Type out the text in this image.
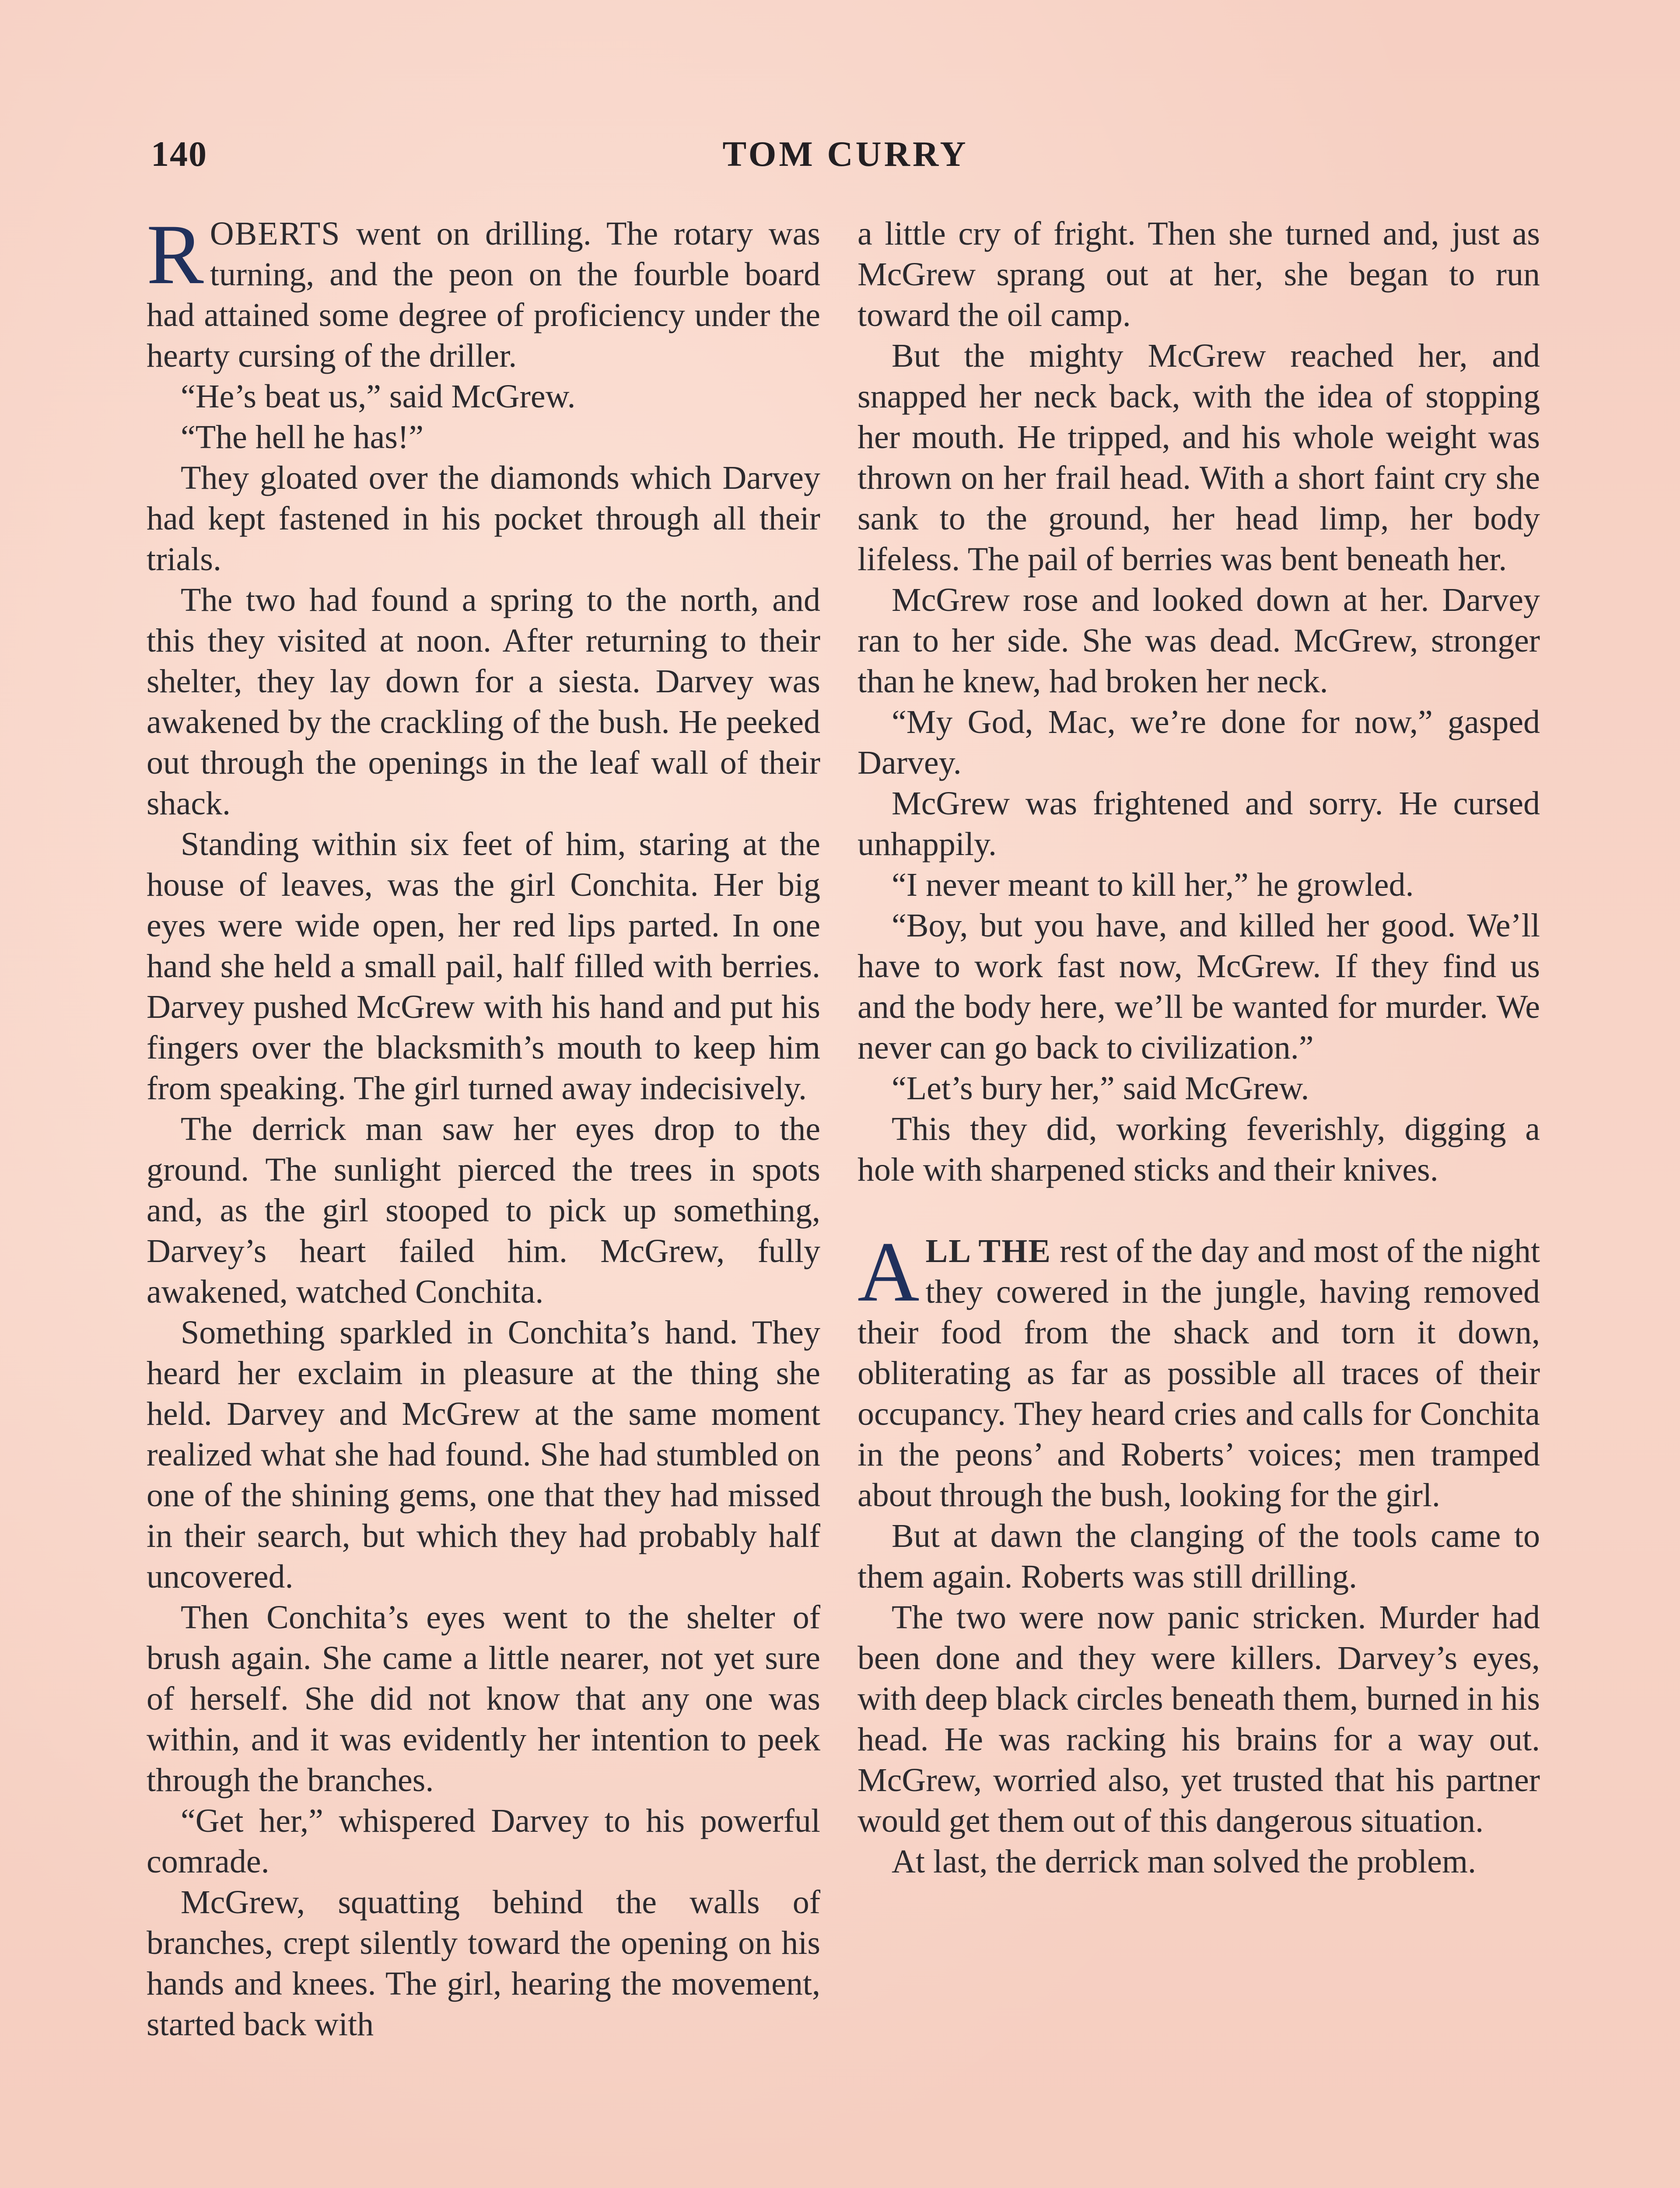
140	TOM CURRY

ROBERTS went on drilling. The rotary was turning, and the peon on the fourble board had attained some degree of proficiency under the hearty cursing of the driller.

“He’s beat us,” said McGrew.

“The hell he has!”

They gloated over the diamonds which Darvey had kept fastened in his pocket through all their trials.

The two had found a spring to the north, and this they visited at noon. After returning to their shelter, they lay down for a siesta. Darvey was awakened by the crackling of the bush. He peeked out through the openings in the leaf wall of their shack.

Standing within six feet of him, staring at the house of leaves, was the girl Conchita. Her big eyes were wide open, her red lips parted. In one hand she held a small pail, half filled with berries. Darvey pushed McGrew with his hand and put his fingers over the blacksmith’s mouth to keep him from speaking. The girl turned away indecisively.

The derrick man saw her eyes drop to the ground. The sunlight pierced the trees in spots and, as the girl stooped to pick up something, Darvey’s heart failed him. McGrew, fully awakened, watched Conchita.

Something sparkled in Conchita’s hand. They heard her exclaim in pleasure at the thing she held. Darvey and McGrew at the same moment realized what she had found. She had stumbled on one of the shining gems, one that they had missed in their search, but which they had probably half uncovered.

Then Conchita’s eyes went to the shelter of brush again. She came a little nearer, not yet sure of herself. She did not know that any one was within, and it was evidently her intention to peek through the branches.

“Get her,” whispered Darvey to his powerful comrade.

McGrew, squatting behind the walls of branches, crept silently toward the opening on his hands and knees. The girl, hearing the movement, started back with

a little cry of fright. Then she turned and, just as McGrew sprang out at her, she began to run toward the oil camp.

But the mighty McGrew reached her, and snapped her neck back, with the idea of stopping her mouth. He tripped, and his whole weight was thrown on her frail head. With a short faint cry she sank to the ground, her head limp, her body lifeless. The pail of berries was bent beneath her.

McGrew rose and looked down at her. Darvey ran to her side. She was dead. McGrew, stronger than he knew, had broken her neck.

“My God, Mac, we’re done for now,” gasped Darvey.

McGrew was frightened and sorry. He cursed unhappily.

“I never meant to kill her,” he growled.

“Boy, but you have, and killed her good. We’ll have to work fast now, McGrew. If they find us and the body here, we’ll be wanted for murder. We never can go back to civilization.”

“Let’s bury her,” said McGrew.

This they did, working feverishly, digging a hole with sharpened sticks and their knives.

ALL THE rest of the day and most of the night they cowered in the jungle, having removed their food from the shack and torn it down, obliterating as far as possible all traces of their occupancy. They heard cries and calls for Conchita in the peons’ and Roberts’ voices; men tramped about through the bush, looking for the girl.

But at dawn the clanging of the tools came to them again. Roberts was still drilling.

The two were now panic stricken. Murder had been done and they were killers. Darvey’s eyes, with deep black circles beneath them, burned in his head. He was racking his brains for a way out. McGrew, worried also, yet trusted that his partner would get them out of this dangerous situation.

At last, the derrick man solved the problem.
